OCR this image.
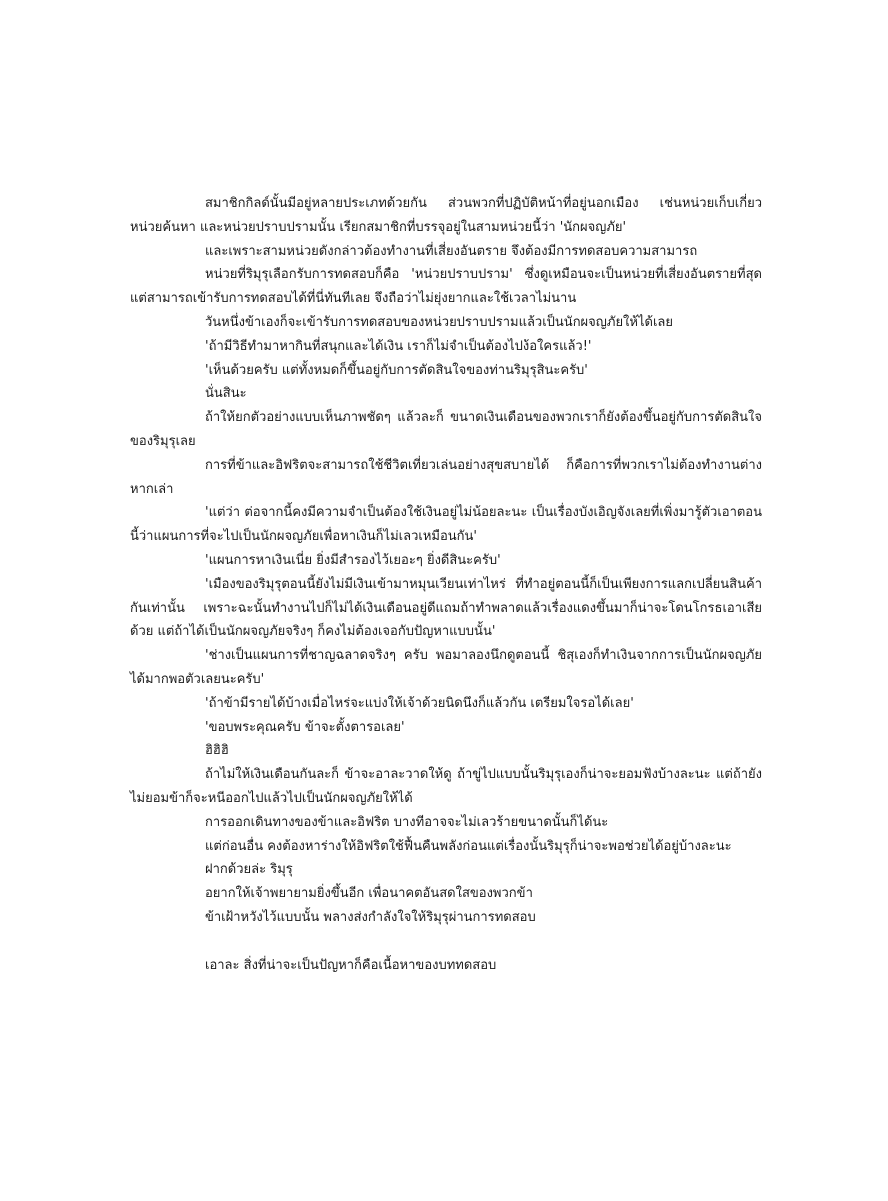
สมาชิกกิลด์นั้นมีอยู่หลายประเภทด้วยกัน ส่วนพวกที่ปฏิบัติหน้าที่อยู่นอกเมือง เช่นหน่วยเก็บเกี่ยว หน่วยค้นหา และหน่วยปราบปรามนั้น เรียกสมาชิกที่บรรจุอยู่ในสามหน่วยนี้ว่า 'นักผจญภัย'

และเพราะสามหน่วยดังกล่าวต้องทำงานที่เสี่ยงอันตราย จึงต้องมีการทดสอบความสามารถ

หน่วยที่ริมุรุเลือกรับการทดสอบก็คือ 'หน่วยปราบปราม' ซึ่งดูเหมือนจะเป็นหน่วยที่เสี่ยงอันตรายที่สุด แต่สามารถเข้ารับการทดสอบได้ที่นี่ทันทีเลย จึงถือว่าไม่ยุ่งยากและใช้เวลาไม่นาน

วันหนึ่งข้าเองก็จะเข้ารับการทดสอบของหน่วยปราบปรามแล้วเป็นนักผจญภัยให้ได้เลย

'ถ้ามีวิธีทำมาหากินที่สนุกและได้เงิน เราก็ไม่จำเป็นต้องไปง้อใครแล้ว!'

'เห็นด้วยครับ แต่ทั้งหมดก็ขึ้นอยู่กับการตัดสินใจของท่านริมุรุสินะครับ'

นั่นสินะ

ถ้าให้ยกตัวอย่างแบบเห็นภาพชัดๆ แล้วละก็ ขนาดเงินเดือนของพวกเราก็ยังต้องขึ้นอยู่กับการตัดสินใจของริมุรุเลย

การที่ข้าและอิฟริตจะสามารถใช้ชีวิตเที่ยวเล่นอย่างสุขสบายได้ ก็คือการที่พวกเราไม่ต้องทำงานต่างหากเล่า

'แต่ว่า ต่อจากนี้คงมีความจำเป็นต้องใช้เงินอยู่ไม่น้อยละนะ เป็นเรื่องบังเอิญจังเลยที่เพิ่งมารู้ตัวเอาตอนนี้ว่าแผนการที่จะไปเป็นนักผจญภัยเพื่อหาเงินก็ไม่เลวเหมือนกัน'

'แผนการหาเงินเนี่ย ยิ่งมีสำรองไว้เยอะๆ ยิ่งดีสินะครับ'

'เมืองของริมุรุตอนนี้ยังไม่มีเงินเข้ามาหมุนเวียนเท่าไหร่ ที่ทำอยู่ตอนนี้ก็เป็นเพียงการแลกเปลี่ยนสินค้ากันเท่านั้น เพราะฉะนั้นทำงานไปก็ไม่ได้เงินเดือนอยู่ดีแถมถ้าทำพลาดแล้วเรื่องแดงขึ้นมาก็น่าจะโดนโกรธเอาเสียด้วย แต่ถ้าได้เป็นนักผจญภัยจริงๆ ก็คงไม่ต้องเจอกับปัญหาแบบนั้น'

'ช่างเป็นแผนการที่ชาญฉลาดจริงๆ ครับ พอมาลองนึกดูตอนนี้ ชิสุเองก็ทำเงินจากการเป็นนักผจญภัยได้มากพอตัวเลยนะครับ'

'ถ้าข้ามีรายได้บ้างเมื่อไหร่จะแบ่งให้เจ้าด้วยนิดนึงก็แล้วกัน เตรียมใจรอได้เลย'

'ขอบพระคุณครับ ข้าจะตั้งตารอเลย'

ฮิฮิฮิ

ถ้าไม่ให้เงินเดือนกันละก็ ข้าจะอาละวาดให้ดู ถ้าขู่ไปแบบนั้นริมุรุเองก็น่าจะยอมฟังบ้างละนะ แต่ถ้ายังไม่ยอมข้าก็จะหนีออกไปแล้วไปเป็นนักผจญภัยให้ได้

การออกเดินทางของข้าและอิฟริต บางทีอาจจะไม่เลวร้ายขนาดนั้นก็ได้นะ

แต่ก่อนอื่น คงต้องหาร่างให้อิฟริตใช้ฟื้นคืนพลังก่อนแต่เรื่องนั้นริมุรุก็น่าจะพอช่วยได้อยู่บ้างละนะ

ฝากด้วยล่ะ ริมุรุ

อยากให้เจ้าพยายามยิ่งขึ้นอีก เพื่อนาคตอันสดใสของพวกข้า

ข้าเฝ้าหวังไว้แบบนั้น พลางส่งกำลังใจให้ริมุรุผ่านการทดสอบ

เอาละ สิ่งที่น่าจะเป็นปัญหาก็คือเนื้อหาของบททดสอบ
